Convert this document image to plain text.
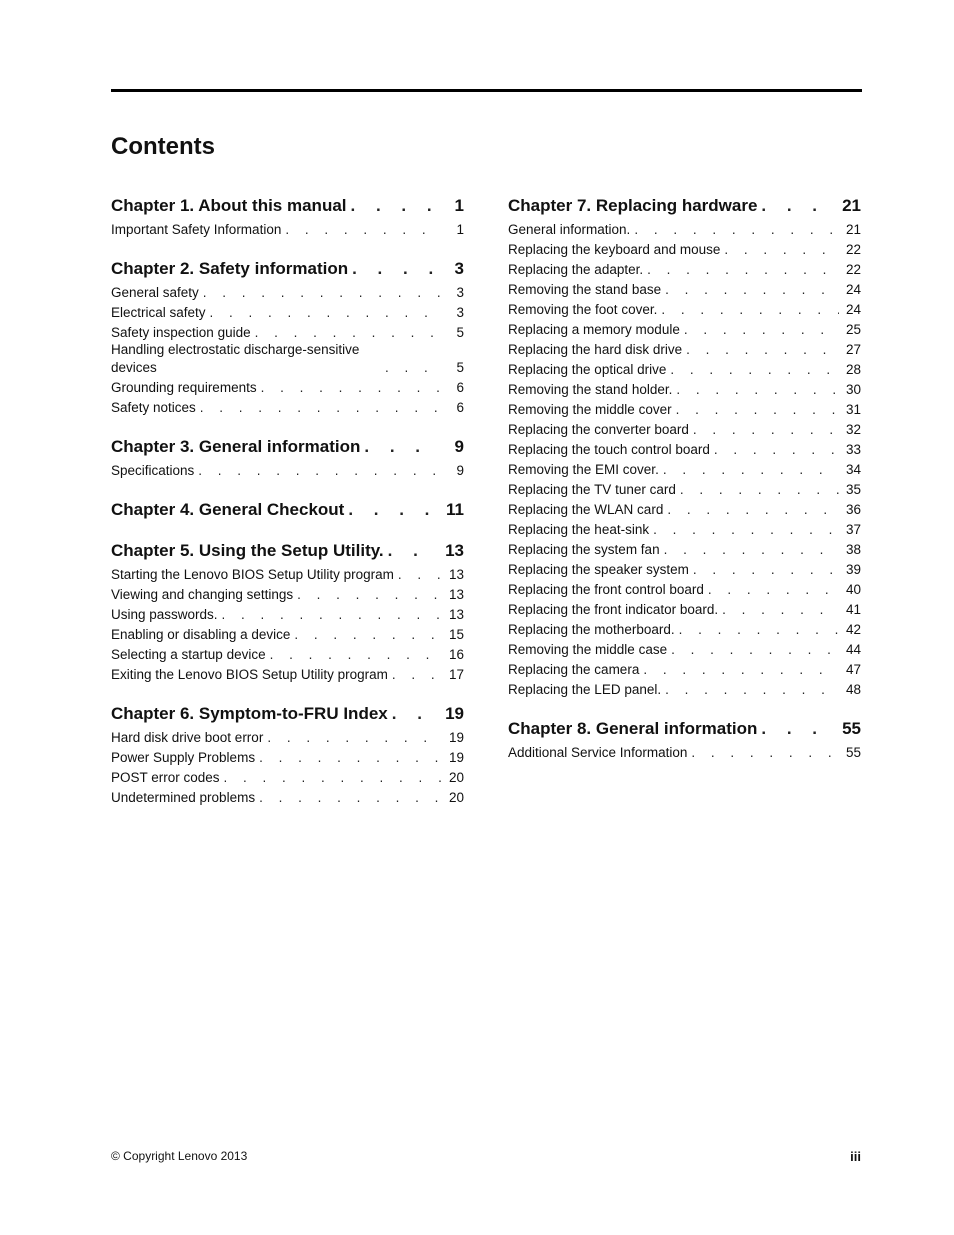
Contents
Chapter 1. About this manual . . .	1
Important Safety Information . . .	1
Chapter 2. Safety information . . .	3
General safety . . .	3
Electrical safety . . .	3
Safety inspection guide . . .	5
Handling electrostatic discharge-sensitive devices . . .	5
Grounding requirements . . .	6
Safety notices . . .	6
Chapter 3. General information . . .	9
Specifications . . .	9
Chapter 4. General Checkout . . .	11
Chapter 5. Using the Setup Utility. . . .	13
Starting the Lenovo BIOS Setup Utility program . . .	13
Viewing and changing settings . . .	13
Using passwords. . . .	13
Enabling or disabling a device . . .	15
Selecting a startup device . . .	16
Exiting the Lenovo BIOS Setup Utility program . . .	17
Chapter 6. Symptom-to-FRU Index . . .	19
Hard disk drive boot error . . .	19
Power Supply Problems . . .	19
POST error codes . . .	20
Undetermined problems . . .	20
Chapter 7. Replacing hardware . . .	21
General information. . . .	21
Replacing the keyboard and mouse . . .	22
Replacing the adapter. . . .	22
Removing the stand base . . .	24
Removing the foot cover. . . .	24
Replacing a memory module . . .	25
Replacing the hard disk drive . . .	27
Replacing the optical drive . . .	28
Removing the stand holder. . . .	30
Removing the middle cover . . .	31
Replacing the converter board . . .	32
Replacing the touch control board . . .	33
Removing the EMI cover. . . .	34
Replacing the TV tuner card . . .	35
Replacing the WLAN card . . .	36
Replacing the heat-sink . . .	37
Replacing the system fan . . .	38
Replacing the speaker system . . .	39
Replacing the front control board . . .	40
Replacing the front indicator board. . . .	41
Replacing the motherboard. . . .	42
Removing the middle case . . .	44
Replacing the camera . . .	47
Replacing the LED panel. . . .	48
Chapter 8. General information . . .	55
Additional Service Information . . .	55
© Copyright Lenovo 2013	iii
